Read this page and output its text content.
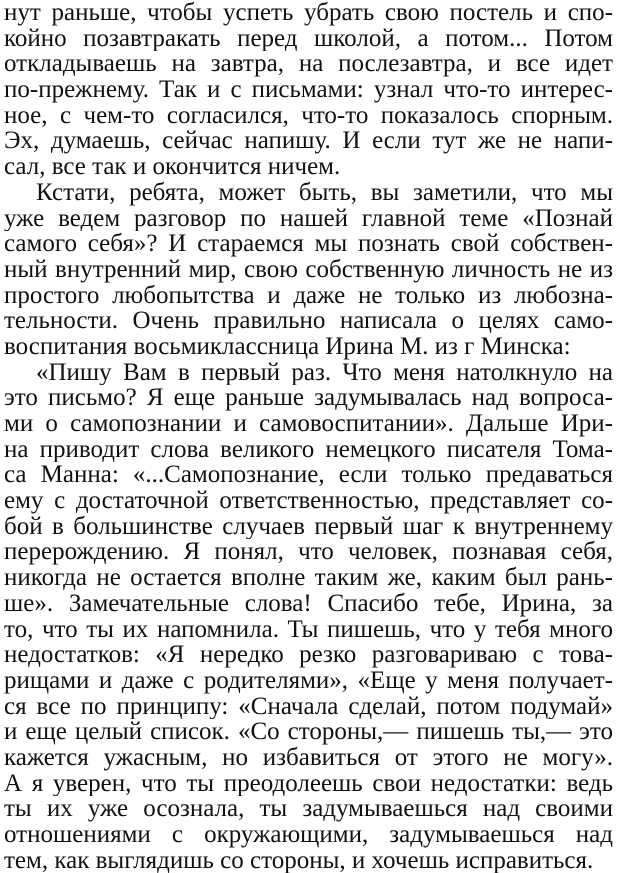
нут раньше, чтобы успеть убрать свою постель и спо-
койно позавтракать перед школой, а потом... Потом
откладываешь на завтра, на послезавтра, и все идет
по-прежнему. Так и с письмами: узнал что-то интерес-
ное, с чем-то согласился, что-то показалось спорным.
Эх, думаешь, сейчас напишу. И если тут же не напи-
сал, все так и окончится ничем.
Кстати, ребята, может быть, вы заметили, что мы
уже ведем разговор по нашей главной теме «Познай
самого себя»? И стараемся мы познать свой собствен-
ный внутренний мир, свою собственную личность не из
простого любопытства и даже не только из любозна-
тельности. Очень правильно написала о целях само-
воспитания восьмиклассница Ирина М. из г Минска:
«Пишу Вам в первый раз. Что меня натолкнуло на
это письмо? Я еще раньше задумывалась над вопроса-
ми о самопознании и самовоспитании». Дальше Ири-
на приводит слова великого немецкого писателя Тома-
са Манна: «...Самопознание, если только предаваться
ему с достаточной ответственностью, представляет со-
бой в большинстве случаев первый шаг к внутреннему
перерождению. Я понял, что человек, познавая себя,
никогда не остается вполне таким же, каким был рань-
ше». Замечательные слова! Спасибо тебе, Ирина, за
то, что ты их напомнила. Ты пишешь, что у тебя много
недостатков: «Я нередко резко разговариваю с това-
рищами и даже с родителями», «Еще у меня получает-
ся все по принципу: «Сначала сделай, потом подумай»
и еще целый список. «Со стороны,— пишешь ты,— это
кажется ужасным, но избавиться от этого не могу».
А я уверен, что ты преодолеешь свои недостатки: ведь
ты их уже осознала, ты задумываешься над своими
отношениями с окружающими, задумываешься над
тем, как выглядишь со стороны, и хочешь исправиться.
